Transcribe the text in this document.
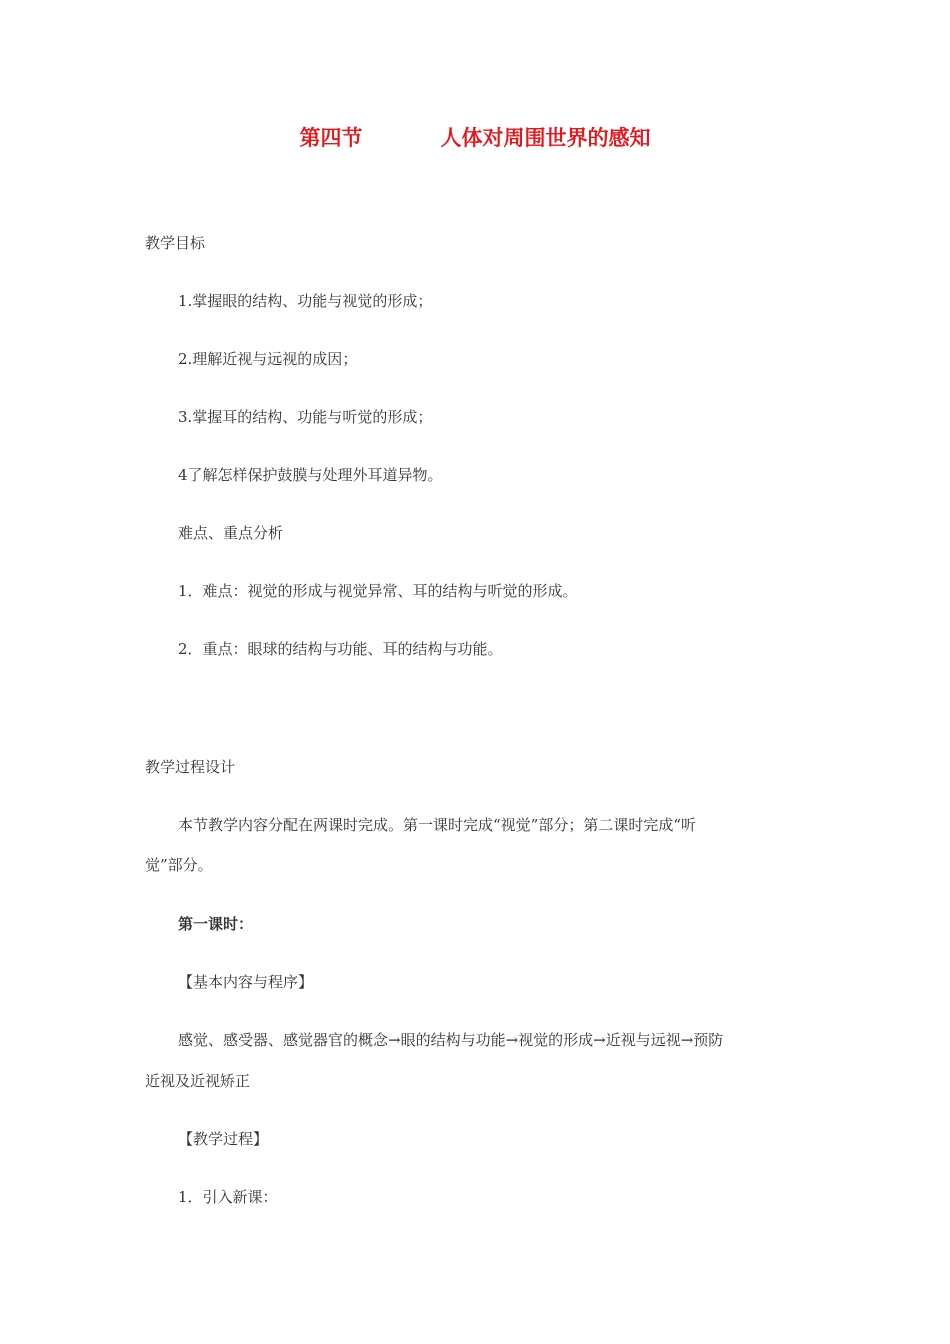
第四节	人体对周围世界的感知
教学目标
1.掌握眼的结构、功能与视觉的形成；
2.理解近视与远视的成因；
3.掌握耳的结构、功能与听觉的形成；
4了解怎样保护鼓膜与处理外耳道异物。
难点、重点分析
1．难点：视觉的形成与视觉异常、耳的结构与听觉的形成。
2．重点：眼球的结构与功能、耳的结构与功能。
教学过程设计
本节教学内容分配在两课时完成。第一课时完成“视觉”部分；第二课时完成“听
觉”部分。
第一课时：
【基本内容与程序】
感觉、感受器、感觉器官的概念→眼的结构与功能→视觉的形成→近视与远视→预防
近视及近视矫正
【教学过程】
1．引入新课：
